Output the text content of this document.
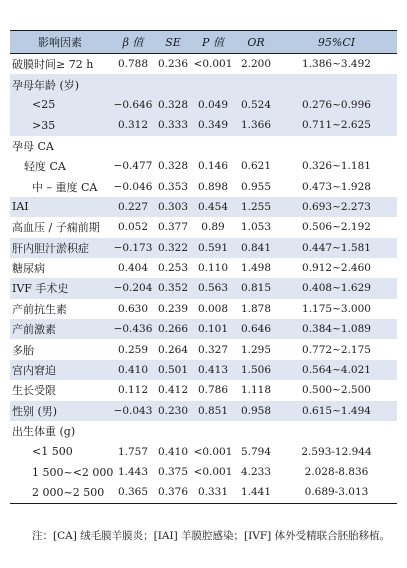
影响因素	β 值	SE	P 值	OR	95%CI
破膜时间≥ 72 h	0.788	0.236	<0.001	2.200	1.386~3.492
孕母年龄 (岁)					
<25	−0.646	0.328	0.049	0.524	0.276~0.996
>35	0.312	0.333	0.349	1.366	0.711~2.625
孕母 CA					
轻度 CA	−0.477	0.328	0.146	0.621	0.326~1.181
中 – 重度 CA	−0.046	0.353	0.898	0.955	0.473~1.928
IAI	0.227	0.303	0.454	1.255	0.693~2.273
高血压 / 子痫前期	0.052	0.377	0.89	1.053	0.506~2.192
肝内胆汁淤积症	−0.173	0.322	0.591	0.841	0.447~1.581
糖尿病	0.404	0.253	0.110	1.498	0.912~2.460
IVF 手术史	−0.204	0.352	0.563	0.815	0.408~1.629
产前抗生素	0.630	0.239	0.008	1.878	1.175~3.000
产前激素	−0.436	0.266	0.101	0.646	0.384~1.089
多胎	0.259	0.264	0.327	1.295	0.772~2.175
宫内窘迫	0.410	0.501	0.413	1.506	0.564~4.021
生长受限	0.112	0.412	0.786	1.118	0.500~2.500
性别 (男)	−0.043	0.230	0.851	0.958	0.615~1.494
出生体重 (g)					
<1 500	1.757	0.410	<0.001	5.794	2.593-12.944
1 500~<2 000	1.443	0.375	<0.001	4.233	2.028-8.836
2 000~2 500	0.365	0.376	0.331	1.441	0.689-3.013
注：[CA] 绒毛膜羊膜炎；[IAI] 羊膜腔感染；[IVF] 体外受精联合胚胎移植。
